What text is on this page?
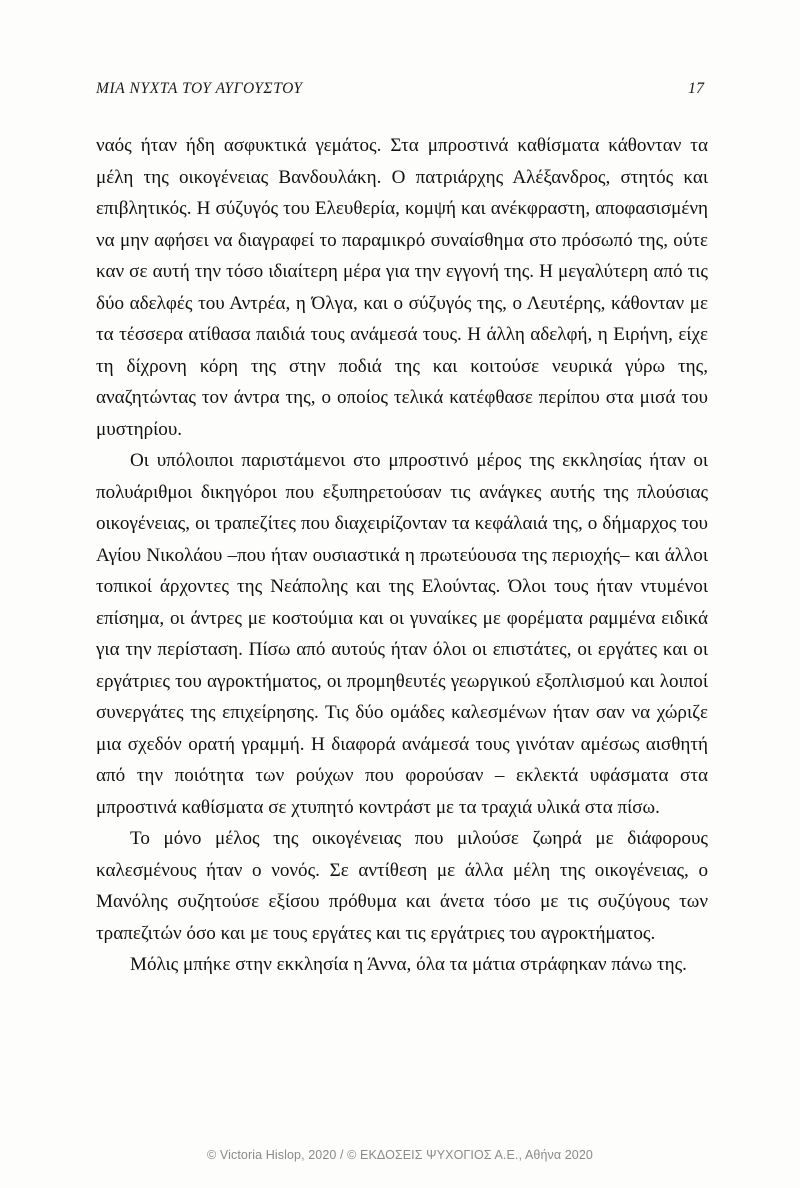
ΜΙΑ ΝΥΧΤΑ ΤΟΥ ΑΥΓΟΥΣΤΟΥ	17

ναός ήταν ήδη ασφυκτικά γεμάτος. Στα μπροστινά καθίσματα κάθονταν τα μέλη της οικογένειας Βανδουλάκη. Ο πατριάρχης Αλέξανδρος, στητός και επιβλητικός. Η σύζυγός του Ελευθερία, κομψή και ανέκφραστη, αποφασισμένη να μην αφήσει να διαγραφεί το παραμικρό συναίσθημα στο πρόσωπό της, ούτε καν σε αυτή την τόσο ιδιαίτερη μέρα για την εγγονή της. Η μεγαλύτερη από τις δύο αδελφές του Αντρέα, η Όλγα, και ο σύζυγός της, ο Λευτέρης, κάθονταν με τα τέσσερα ατίθασα παιδιά τους ανάμεσά τους. Η άλλη αδελφή, η Ειρήνη, είχε τη δίχρονη κόρη της στην ποδιά της και κοιτούσε νευρικά γύρω της, αναζητώντας τον άντρα της, ο οποίος τελικά κατέφθασε περίπου στα μισά του μυστηρίου.

Οι υπόλοιποι παριστάμενοι στο μπροστινό μέρος της εκκλησίας ήταν οι πολυάριθμοι δικηγόροι που εξυπηρετούσαν τις ανάγκες αυτής της πλούσιας οικογένειας, οι τραπεζίτες που διαχειρίζονταν τα κεφάλαιά της, ο δήμαρχος του Αγίου Νικολάου –που ήταν ουσιαστικά η πρωτεύουσα της περιοχής– και άλλοι τοπικοί άρχοντες της Νεάπολης και της Ελούντας. Όλοι τους ήταν ντυμένοι επίσημα, οι άντρες με κοστούμια και οι γυναίκες με φορέματα ραμμένα ειδικά για την περίσταση. Πίσω από αυτούς ήταν όλοι οι επιστάτες, οι εργάτες και οι εργάτριες του αγροκτήματος, οι προμηθευτές γεωργικού εξοπλισμού και λοιποί συνεργάτες της επιχείρησης. Τις δύο ομάδες καλεσμένων ήταν σαν να χώριζε μια σχεδόν ορατή γραμμή. Η διαφορά ανάμεσά τους γινόταν αμέσως αισθητή από την ποιότητα των ρούχων που φορούσαν – εκλεκτά υφάσματα στα μπροστινά καθίσματα σε χτυπητό κοντράστ με τα τραχιά υλικά στα πίσω.

Το μόνο μέλος της οικογένειας που μιλούσε ζωηρά με διάφορους καλεσμένους ήταν ο νονός. Σε αντίθεση με άλλα μέλη της οικογένειας, ο Μανόλης συζητούσε εξίσου πρόθυμα και άνετα τόσο με τις συζύγους των τραπεζιτών όσο και με τους εργάτες και τις εργάτριες του αγροκτήματος.

Μόλις μπήκε στην εκκλησία η Άννα, όλα τα μάτια στράφηκαν πάνω της.

© Victoria Hislop, 2020 / © ΕΚΔΟΣΕΙΣ ΨΥΧΟΓΙΟΣ Α.Ε., Αθήνα 2020
